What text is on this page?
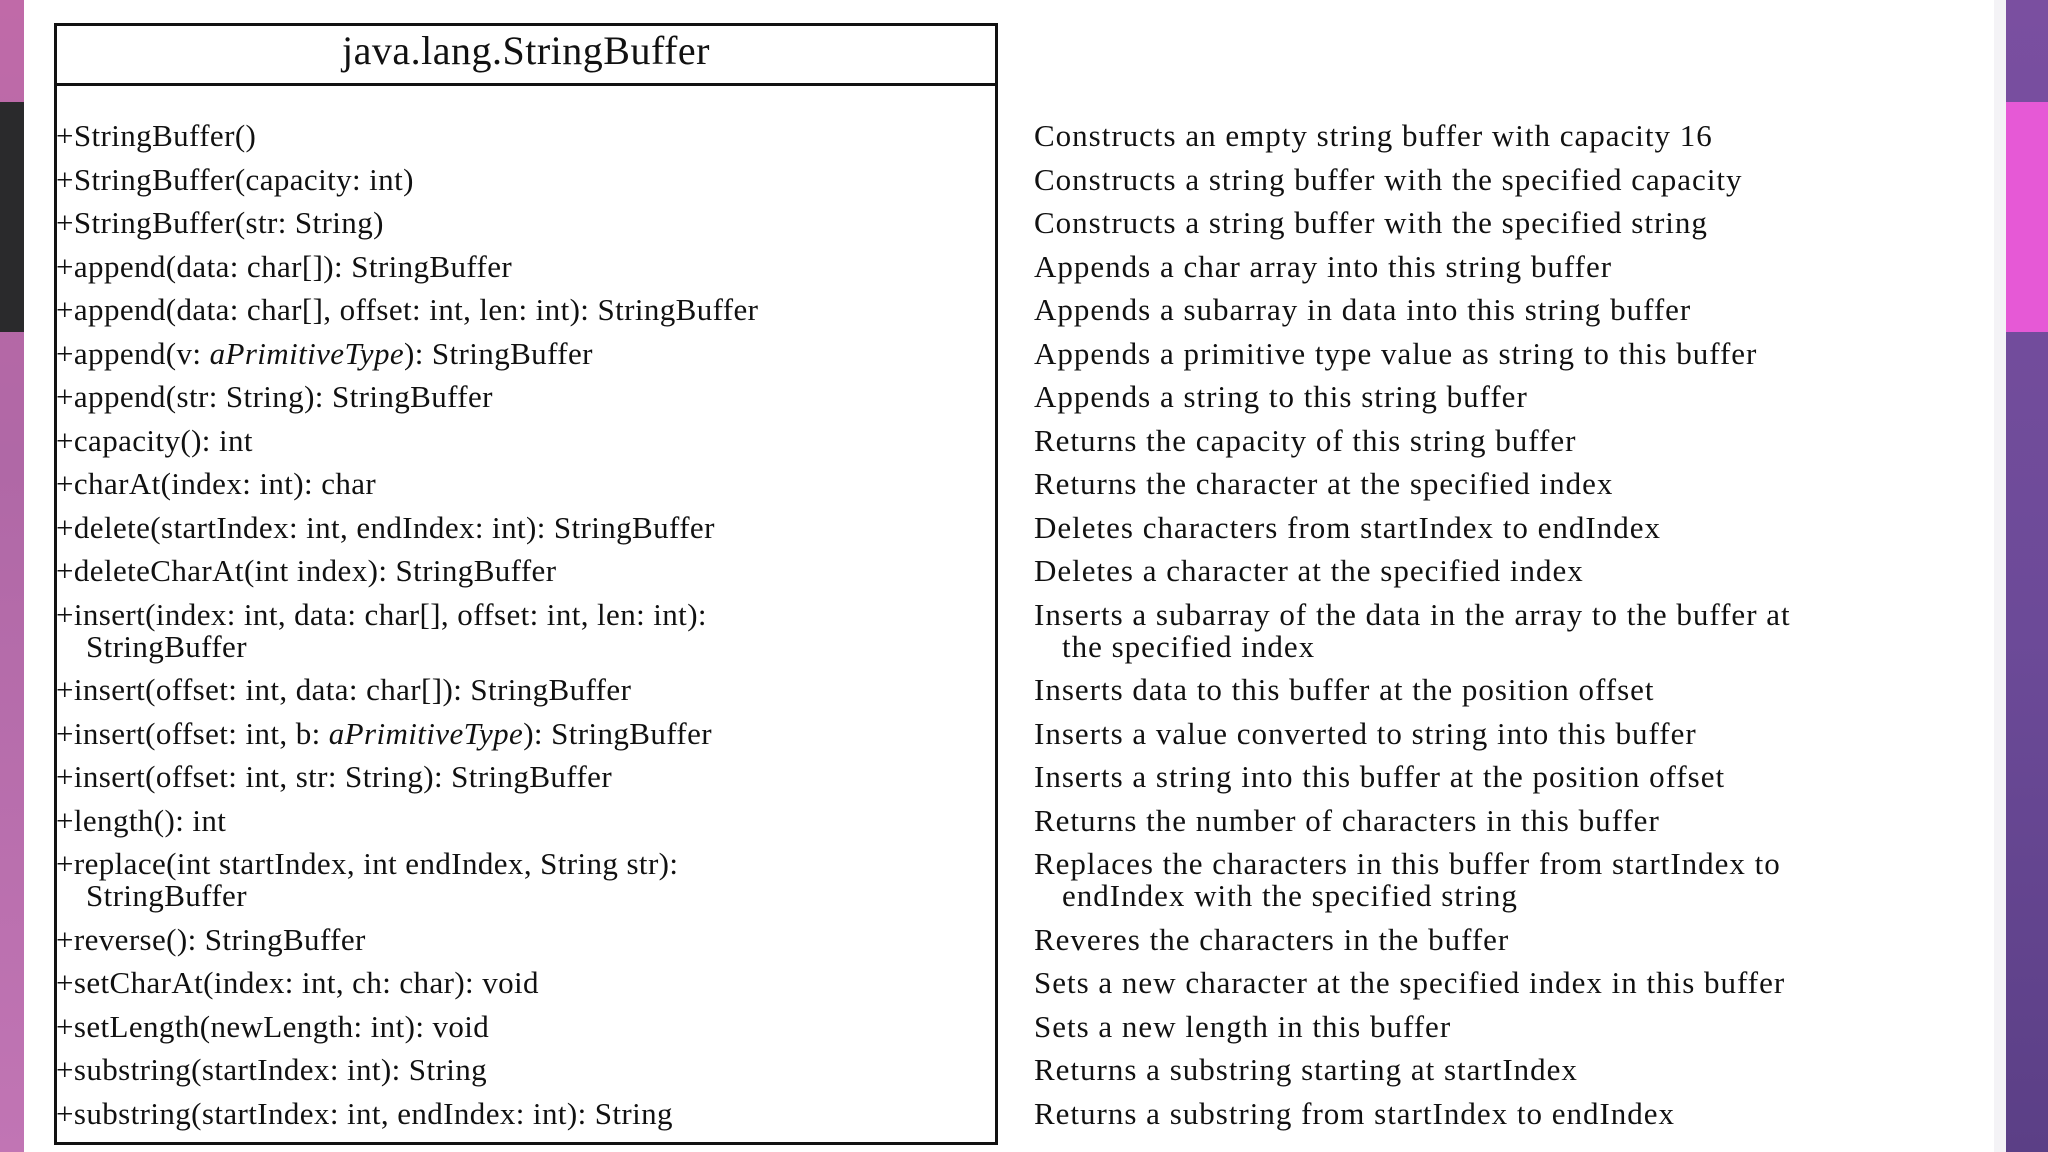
java.lang.StringBuffer
+StringBuffer()
+StringBuffer(capacity: int)
+StringBuffer(str: String)
+append(data: char[]): StringBuffer
+append(data: char[], offset: int, len: int): StringBuffer
+append(v: aPrimitiveType): StringBuffer
+append(str: String): StringBuffer
+capacity(): int
+charAt(index: int): char
+delete(startIndex: int, endIndex: int): StringBuffer
+deleteCharAt(int index): StringBuffer
+insert(index: int, data: char[], offset: int, len: int):
StringBuffer
+insert(offset: int, data: char[]): StringBuffer
+insert(offset: int, b: aPrimitiveType): StringBuffer
+insert(offset: int, str: String): StringBuffer
+length(): int
+replace(int startIndex, int endIndex, String str):
StringBuffer
+reverse(): StringBuffer
+setCharAt(index: int, ch: char): void
+setLength(newLength: int): void
+substring(startIndex: int): String
+substring(startIndex: int, endIndex: int): String
Constructs an empty string buffer with capacity 16
Constructs a string buffer with the specified capacity
Constructs a string buffer with the specified string
Appends a char array into this string buffer
Appends a subarray in data into this string buffer
Appends a primitive type value as string to this buffer
Appends a string to this string buffer
Returns the capacity of this string buffer
Returns the character at the specified index
Deletes characters from startIndex to endIndex
Deletes a character at the specified index
Inserts a subarray of the data in the array to the buffer at
the specified index
Inserts data to this buffer at the position offset
Inserts a value converted to string into this buffer
Inserts a string into this buffer at the position offset
Returns the number of characters in this buffer
Replaces the characters in this buffer from startIndex to
endIndex with the specified string
Reveres the characters in the buffer
Sets a new character at the specified index in this buffer
Sets a new length in this buffer
Returns a substring starting at startIndex
Returns a substring from startIndex to endIndex
